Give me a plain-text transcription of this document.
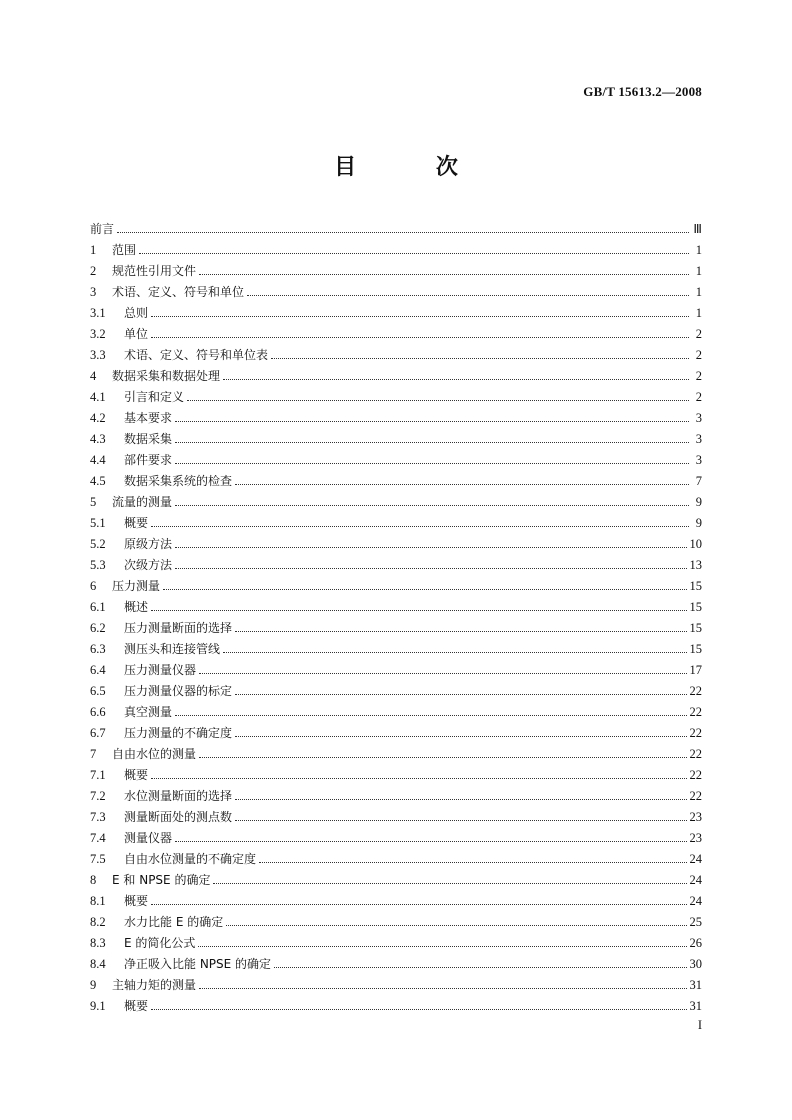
GB/T 15613.2—2008
目 次
前言	Ⅲ
1	范围	1
2	规范性引用文件	1
3	术语、定义、符号和单位	1
3.1	总则	1
3.2	单位	2
3.3	术语、定义、符号和单位表	2
4	数据采集和数据处理	2
4.1	引言和定义	2
4.2	基本要求	3
4.3	数据采集	3
4.4	部件要求	3
4.5	数据采集系统的检查	7
5	流量的测量	9
5.1	概要	9
5.2	原级方法	10
5.3	次级方法	13
6	压力测量	15
6.1	概述	15
6.2	压力测量断面的选择	15
6.3	测压头和连接管线	15
6.4	压力测量仪器	17
6.5	压力测量仪器的标定	22
6.6	真空测量	22
6.7	压力测量的不确定度	22
7	自由水位的测量	22
7.1	概要	22
7.2	水位测量断面的选择	22
7.3	测量断面处的测点数	23
7.4	测量仪器	23
7.5	自由水位测量的不确定度	24
8	E 和 NPSE 的确定	24
8.1	概要	24
8.2	水力比能 E 的确定	25
8.3	E 的简化公式	26
8.4	净正吸入比能 NPSE 的确定	30
9	主轴力矩的测量	31
9.1	概要	31
I
